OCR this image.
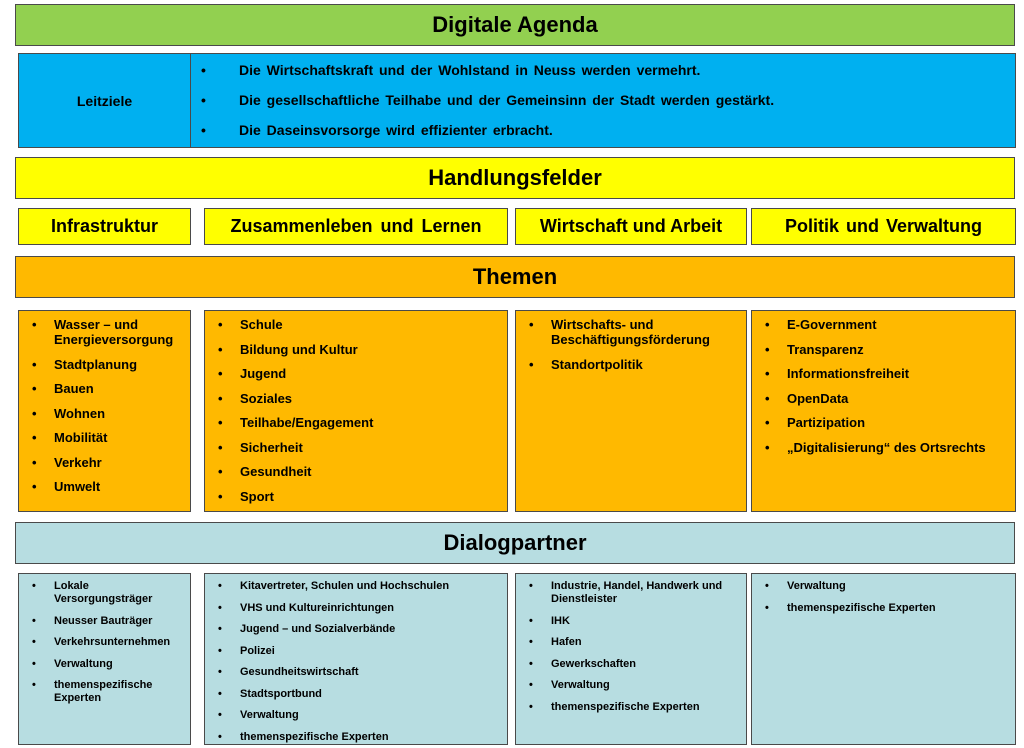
Digitale Agenda
Leitziele
• Die Wirtschaftskraft und der Wohlstand in Neuss werden vermehrt.
• Die gesellschaftliche Teilhabe und der Gemeinsinn der Stadt werden gestärkt.
• Die Daseinsvorsorge wird effizienter erbracht.
Handlungsfelder
Infrastruktur	Zusammenleben und Lernen	Wirtschaft und Arbeit	Politik und Verwaltung
Themen
• Wasser – und Energieversorgung
• Stadtplanung
• Bauen
• Wohnen
• Mobilität
• Verkehr
• Umwelt
• Schule
• Bildung und Kultur
• Jugend
• Soziales
• Teilhabe/Engagement
• Sicherheit
• Gesundheit
• Sport
• Wirtschafts- und Beschäftigungsförderung
• Standortpolitik
• E-Government
• Transparenz
• Informationsfreiheit
• OpenData
• Partizipation
• „Digitalisierung“ des Ortsrechts
Dialogpartner
• Lokale Versorgungsträger
• Neusser Bauträger
• Verkehrsunternehmen
• Verwaltung
• themenspezifische Experten
• Kitavertreter, Schulen und Hochschulen
• VHS und Kultureinrichtungen
• Jugend – und Sozialverbände
• Polizei
• Gesundheitswirtschaft
• Stadtsportbund
• Verwaltung
• themenspezifische Experten
• Industrie, Handel, Handwerk und Dienstleister
• IHK
• Hafen
• Gewerkschaften
• Verwaltung
• themenspezifische Experten
• Verwaltung
• themenspezifische Experten
